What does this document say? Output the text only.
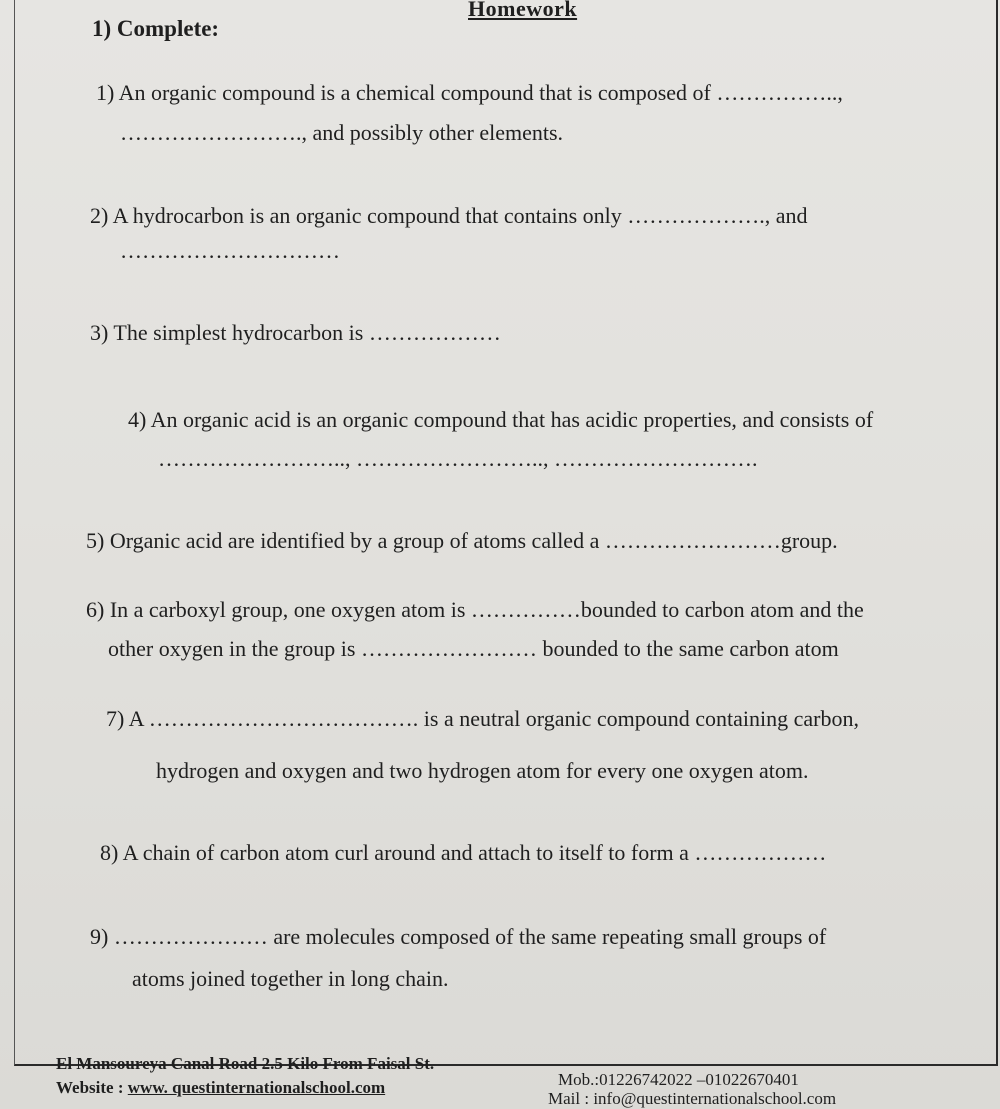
Homework
1) Complete:
1) An organic compound is a chemical compound that is composed of ……………..,
……………………., and possibly other elements.
2) A hydrocarbon is an organic compound that contains only ………………., and
…………………………
3) The simplest hydrocarbon is ………………
4) An organic acid is an organic compound that has acidic properties, and consists of
…………………….., …………………….., ……………………….
5) Organic acid are identified by a group of atoms called a ……………………group.
6) In a carboxyl group, one oxygen atom is ……………bounded to carbon atom and the
other oxygen in the group is …………………… bounded to the same carbon atom
7) A ………………………………. is a neutral organic compound containing carbon,
hydrogen and oxygen and two hydrogen atom for every one oxygen atom.
8) A chain of carbon atom curl around and attach to itself to form a ………………
9) ………………… are molecules composed of the same repeating small groups of
atoms joined together in long chain.
El Mansoureya Canal Road 2.5 Kilo From Faisal St.
Website : www. questinternationalschool.com	Mob.:01226742022 –01022670401
Mail : info@questinternationalschool.com
